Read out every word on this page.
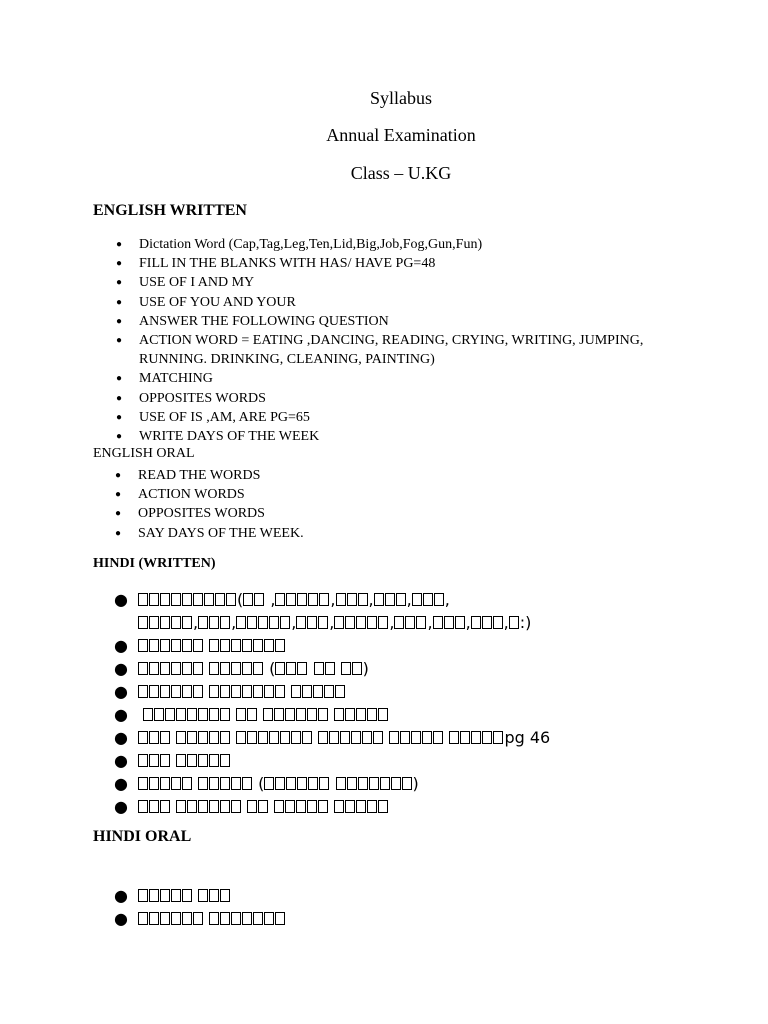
Syllabus
Annual Examination
Class – U.KG
ENGLISH WRITTEN
● Dictation Word (Cap,Tag,Leg,Ten,Lid,Big,Job,Fog,Gun,Fun)
● FILL IN THE BLANKS WITH HAS/ HAVE PG=48
● USE OF I AND MY
● USE OF YOU AND YOUR
● ANSWER THE FOLLOWING QUESTION
● ACTION WORD = EATING ,DANCING, READING, CRYING, WRITING, JUMPING, RUNNING. DRINKING, CLEANING, PAINTING)
● MATCHING
● OPPOSITES WORDS
● USE OF IS ,AM, ARE PG=65
● WRITE DAYS OF THE WEEK
ENGLISH ORAL
● READ THE WORDS
● ACTION WORDS
● OPPOSITES WORDS
● SAY DAYS OF THE WEEK.
HINDI (WRITTEN)
●	( ,	, , , ,
, ,	, ,	, , , , :)
●

●	(	)
●

●

●	pg 46
●

●	(	)
●

HINDI ORAL
●

●
